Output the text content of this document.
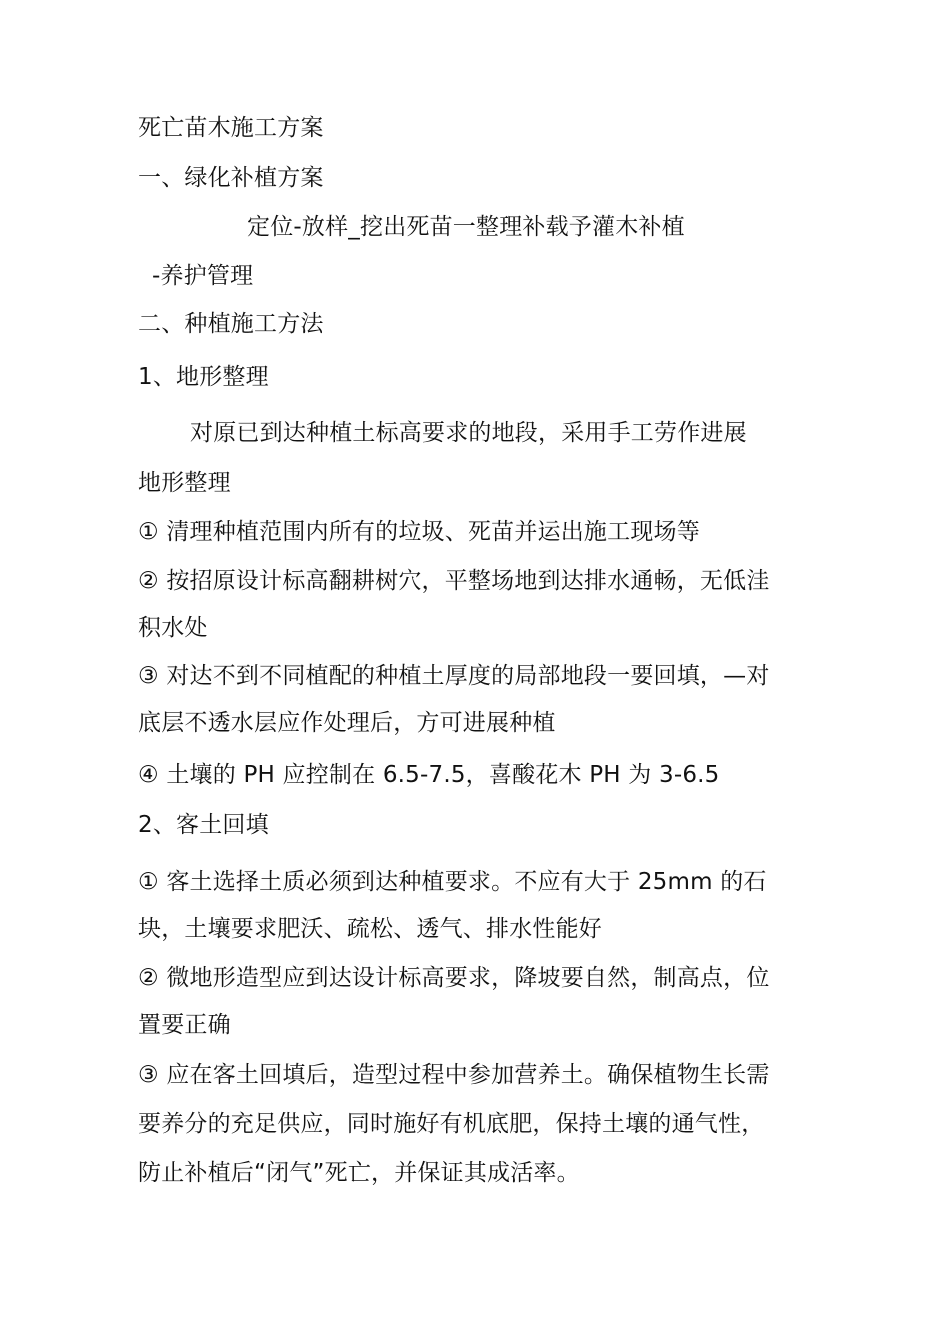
死亡苗木施工方案
一、绿化补植方案
定位-放样_挖出死苗一整理补载予灌木补植
-养护管理
二、种植施工方法
1、地形整理
对原已到达种植土标高要求的地段，采用手工劳作进展
地形整理
① 清理种植范围内所有的垃圾、死苗并运出施工现场等
② 按招原设计标高翻耕树穴，平整场地到达排水通畅，无低洼
积水处
③ 对达不到不同植配的种植土厚度的局部地段一要回填，—对
底层不透水层应作处理后，方可进展种植
④ 土壤的 PH 应控制在 6.5-7.5，喜酸花木 PH 为 3-6.5
2、客土回填
① 客土选择土质必须到达种植要求。不应有大于 25mm 的石
块，土壤要求肥沃、疏松、透气、排水性能好
② 微地形造型应到达设计标高要求，降坡要自然，制高点，位
置要正确
③ 应在客土回填后，造型过程中参加营养土。确保植物生长需
要养分的充足供应，同时施好有机底肥，保持土壤的通气性，
防止补植后“闭气”死亡，并保证其成活率。
